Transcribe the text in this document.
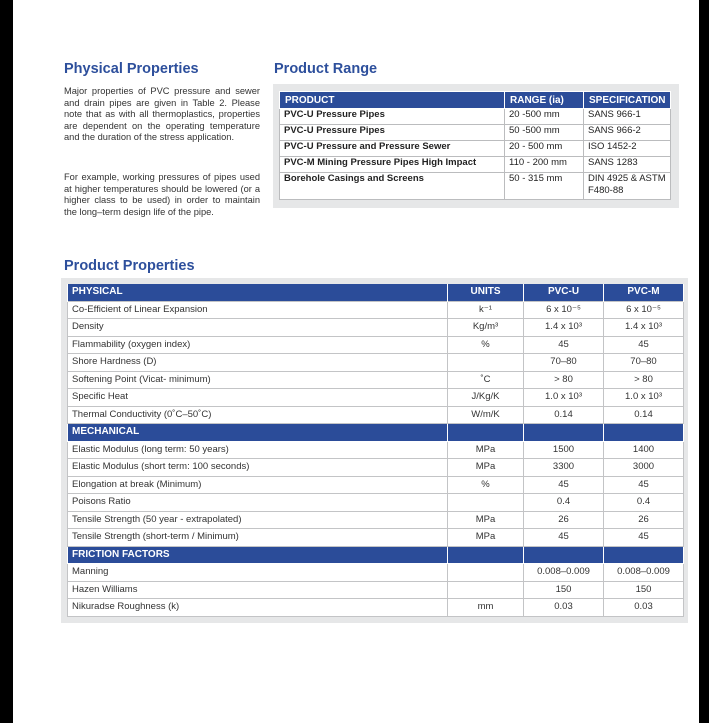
Physical Properties

Major properties of PVC pressure and sewer and drain pipes are given in Table 2. Please note that as with all thermoplastics, properties are dependent on the operating temperature and the duration of the stress application.

For example, working pressures of pipes used at higher temperatures should be lowered (or a higher class to be used) in order to maintain the long–term design life of the pipe.

Product Range
PRODUCT	RANGE (ia)	SPECIFICATION
PVC-U Pressure Pipes	20 -500 mm	SANS 966-1
PVC-U Pressure Pipes	50 -500 mm	SANS 966-2
PVC-U Pressure and Pressure Sewer	20 - 500 mm	ISO 1452-2
PVC-M Mining Pressure Pipes High Impact	110 - 200 mm	SANS 1283
Borehole Casings and Screens	50 - 315 mm	DIN 4925 & ASTM F480-88
Product Properties
PHYSICAL	UNITS	PVC-U	PVC-M
Co-Efficient of Linear Expansion	k⁻¹	6 x 10⁻⁵	6 x 10⁻⁵
Density	Kg/m³	1.4 x 10³	1.4 x 10³
Flammability (oxygen index)	%	45	45
Shore Hardness (D)		70–80	70–80
Softening Point (Vicat- minimum)	˚C	> 80	> 80
Specific Heat	J/Kg/K	1.0 x 10³	1.0 x 10³
Thermal Conductivity (0˚C–50˚C)	W/m/K	0.14	0.14
MECHANICAL			
Elastic Modulus (long term: 50 years)	MPa	1500	1400
Elastic Modulus (short term: 100 seconds)	MPa	3300	3000
Elongation at break (Minimum)	%	45	45
Poisons Ratio		0.4	0.4
Tensile Strength (50 year - extrapolated)	MPa	26	26
Tensile Strength (short-term / Minimum)	MPa	45	45
FRICTION FACTORS			
Manning		0.008–0.009	0.008–0.009
Hazen Williams		150	150
Nikuradse Roughness (k)	mm	0.03	0.03
